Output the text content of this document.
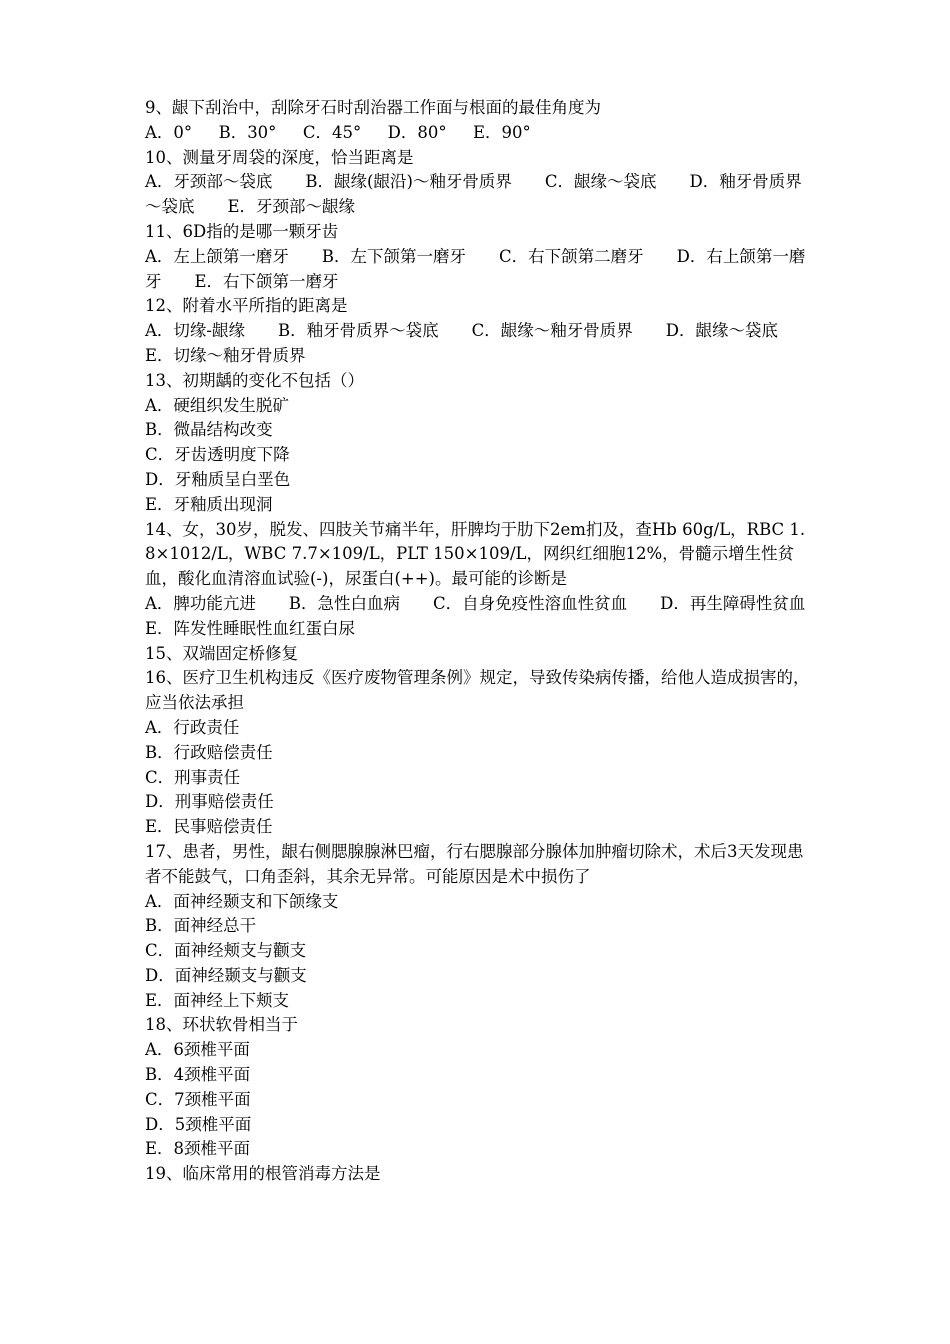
9、龈下刮治中，刮除牙石时刮治器工作面与根面的最佳角度为

A．0° B．30° C．45° D．80° E．90°

10、测量牙周袋的深度，恰当距离是

A．牙颈部～袋底　　B．龈缘(龈沿)～釉牙骨质界　　C．龈缘～袋底　　D．釉牙骨质界～袋底　　E．牙颈部～龈缘

11、6D指的是哪一颗牙齿

A．左上颌第一磨牙　　B．左下颌第一磨牙　　C．右下颌第二磨牙　　D．右上颌第一磨牙　　E．右下颌第一磨牙

12、附着水平所指的距离是

A．切缘-龈缘　　B．釉牙骨质界～袋底　　C．龈缘～釉牙骨质界　　D．龈缘～袋底　　E．切缘～釉牙骨质界

13、初期龋的变化不包括（）

A．硬组织发生脱矿

B．微晶结构改变

C．牙齿透明度下降

D．牙釉质呈白垩色

E．牙釉质出现洞

14、女，30岁，脱发、四肢关节痛半年，肝脾均于肋下2em扪及，查Hb 60g/L，RBC 1.8×1012/L，WBC 7.7×109/L，PLT 150×109/L，网织红细胞12%，骨髓示增生性贫血，酸化血清溶血试验(-)，尿蛋白(++)。最可能的诊断是

A．脾功能亢进　　B．急性白血病　　C．自身免疫性溶血性贫血　　D．再生障碍性贫血　　E．阵发性睡眠性血红蛋白尿

15、双端固定桥修复

16、医疗卫生机构违反《医疗废物管理条例》规定，导致传染病传播，给他人造成损害的，应当依法承担

A．行政责任

B．行政赔偿责任

C．刑事责任

D．刑事赔偿责任

E．民事赔偿责任

17、患者，男性，龈右侧腮腺腺淋巴瘤，行右腮腺部分腺体加肿瘤切除术，术后3天发现患者不能鼓气，口角歪斜，其余无异常。可能原因是术中损伤了

A．面神经颞支和下颌缘支

B．面神经总干

C．面神经颊支与颧支

D．面神经颞支与颧支

E．面神经上下颊支

18、环状软骨相当于

A．6颈椎平面

B．4颈椎平面

C．7颈椎平面

D．5颈椎平面

E．8颈椎平面

19、临床常用的根管消毒方法是
